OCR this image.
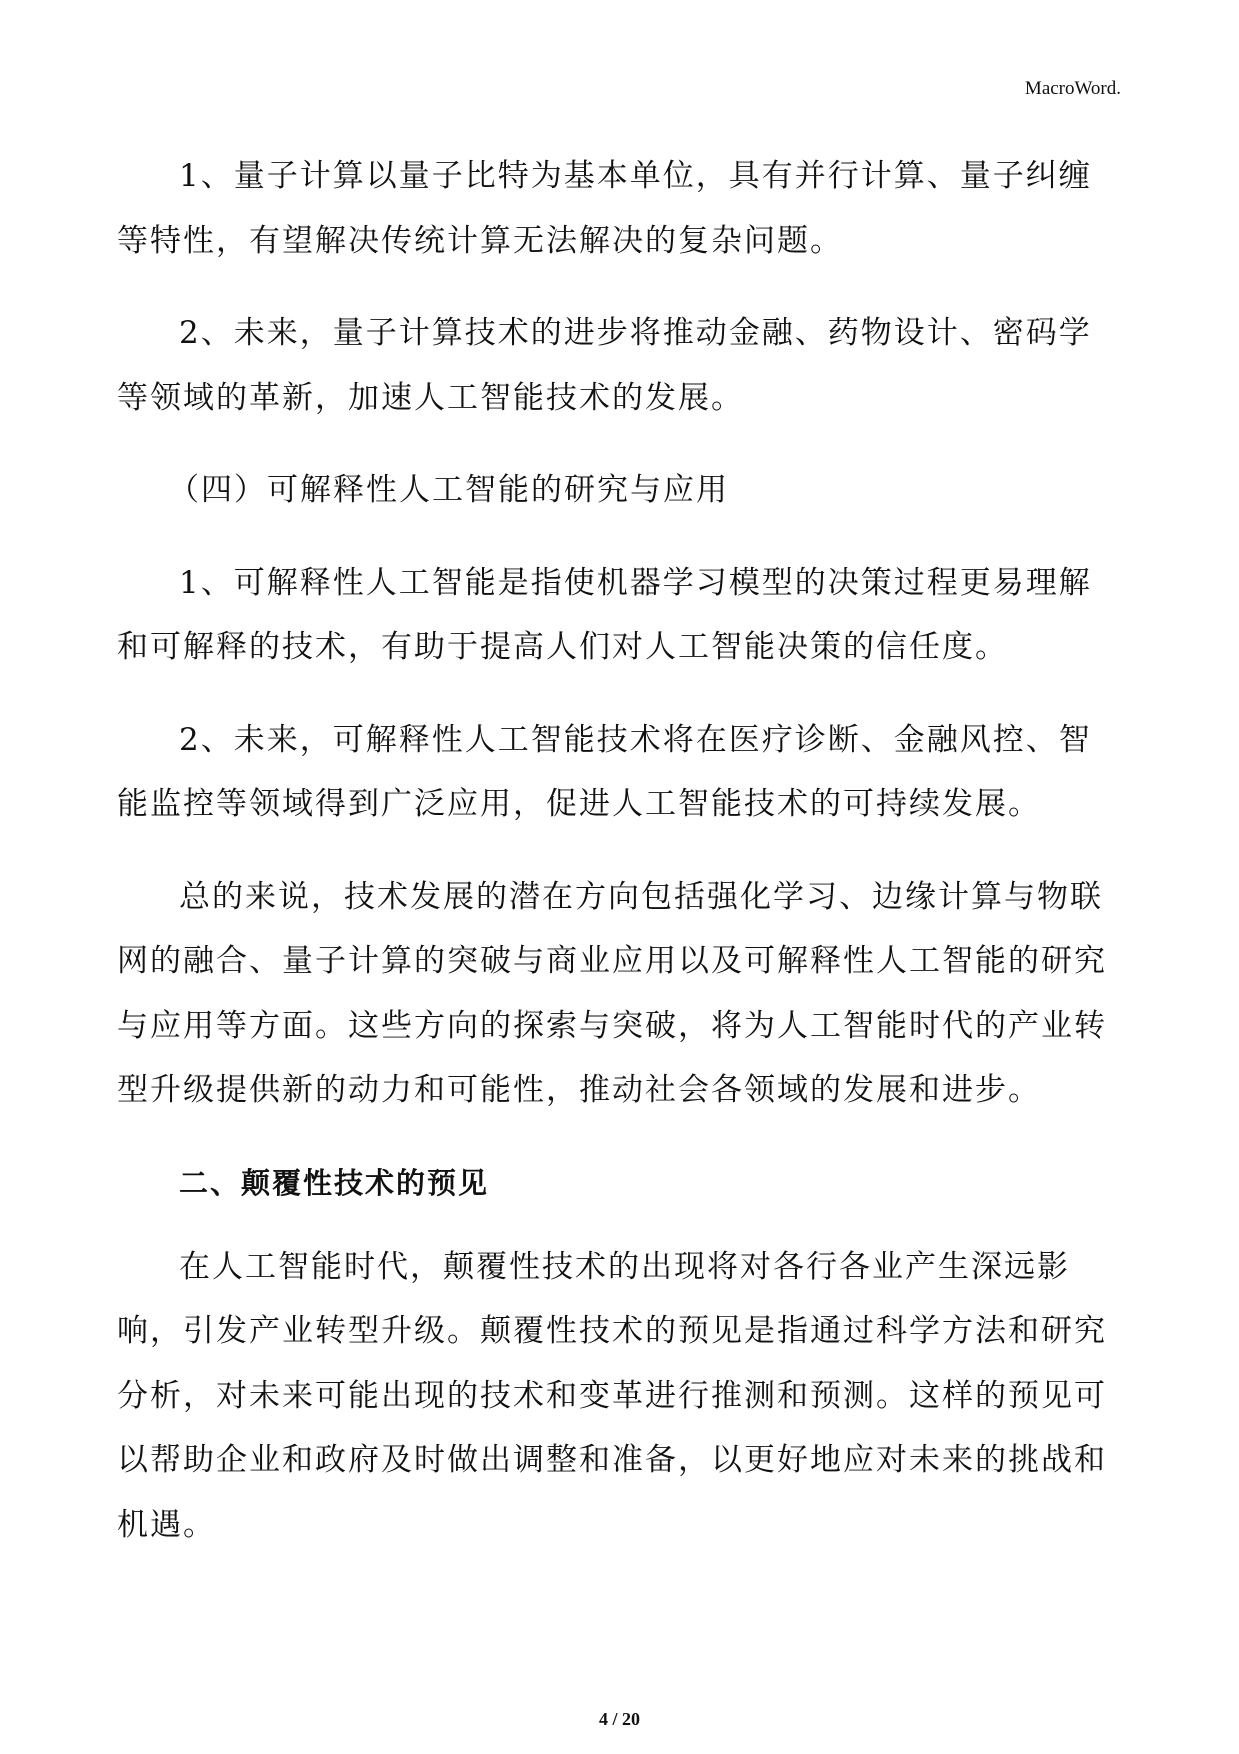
MacroWord.

1、量子计算以量子比特为基本单位，具有并行计算、量子纠缠等特性，有望解决传统计算无法解决的复杂问题。

2、未来，量子计算技术的进步将推动金融、药物设计、密码学等领域的革新，加速人工智能技术的发展。

（四）可解释性人工智能的研究与应用

1、可解释性人工智能是指使机器学习模型的决策过程更易理解和可解释的技术，有助于提高人们对人工智能决策的信任度。

2、未来，可解释性人工智能技术将在医疗诊断、金融风控、智能监控等领域得到广泛应用，促进人工智能技术的可持续发展。

总的来说，技术发展的潜在方向包括强化学习、边缘计算与物联网的融合、量子计算的突破与商业应用以及可解释性人工智能的研究与应用等方面。这些方向的探索与突破，将为人工智能时代的产业转型升级提供新的动力和可能性，推动社会各领域的发展和进步。

二、颠覆性技术的预见

在人工智能时代，颠覆性技术的出现将对各行各业产生深远影响，引发产业转型升级。颠覆性技术的预见是指通过科学方法和研究分析，对未来可能出现的技术和变革进行推测和预测。这样的预见可以帮助企业和政府及时做出调整和准备，以更好地应对未来的挑战和机遇。

4 / 20
